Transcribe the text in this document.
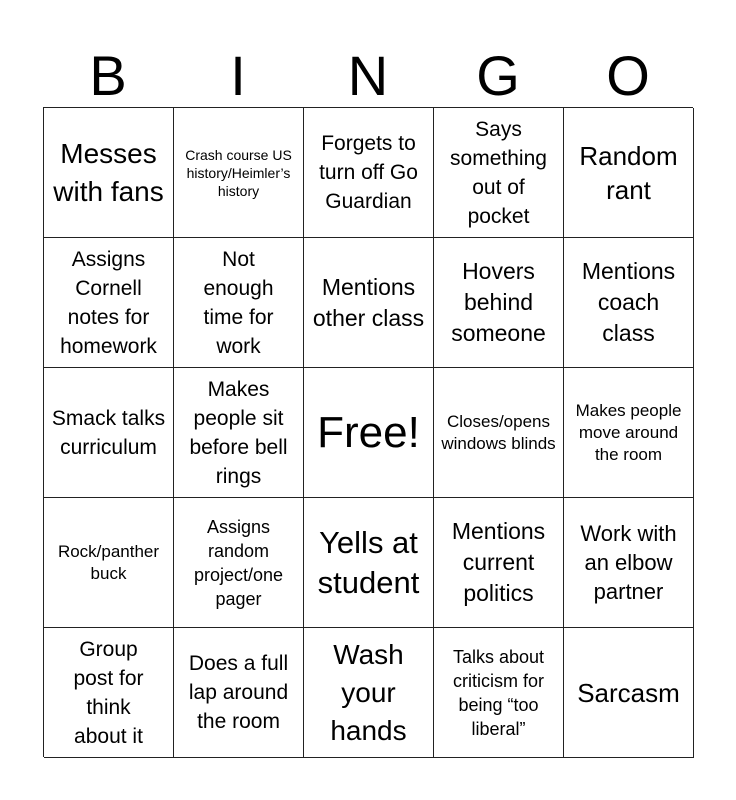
B	I	N	G	O
Messes with fans
Crash course US history/Heimler’s history
Forgets to turn off Go Guardian
Says something out of pocket
Random rant
Assigns Cornell notes for homework
Not enough time for work
Mentions other class
Hovers behind someone
Mentions coach class
Smack talks curriculum
Makes people sit before bell rings
Free!	Closes/opens windows blinds
Makes people move around the room
Rock/panther buck
Assigns random project/one pager
Yells at student
Mentions current politics
Work with an elbow partner
Group post for think about it
Does a full lap around the room
Wash your hands
Talks about criticism for being “too liberal”
Sarcasm
